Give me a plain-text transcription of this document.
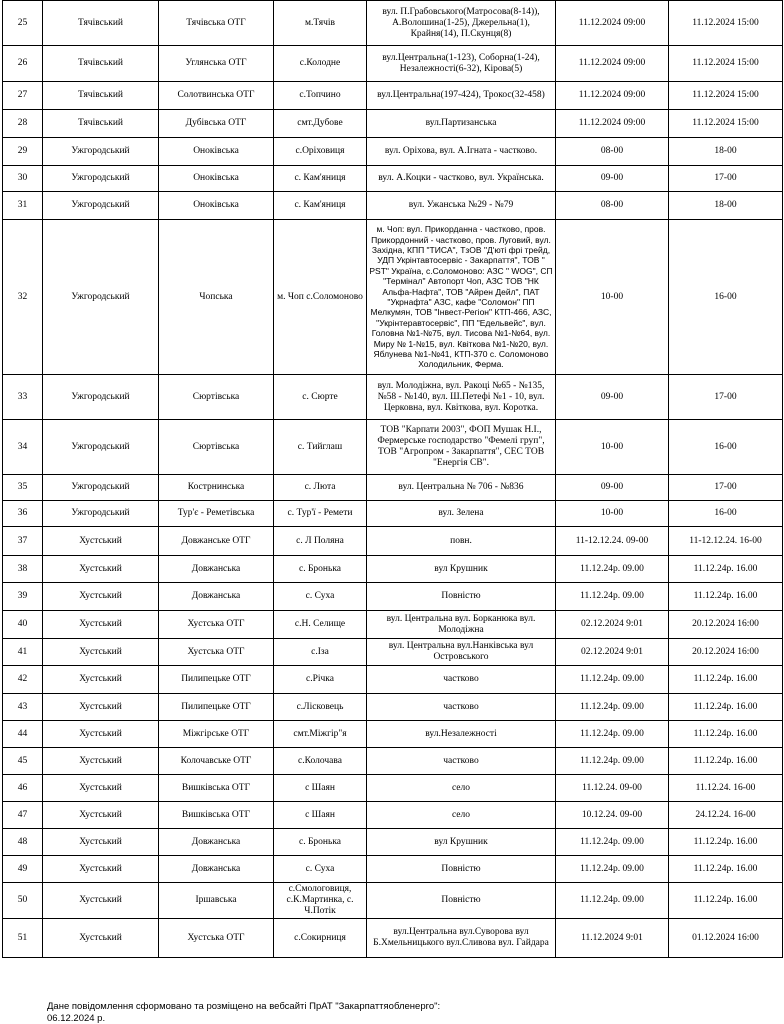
25	Тячівський	Тячівська ОТГ	м.Тячів	вул. П.Грабовського(Матросова(8-14)), А.Волошина(1-25), Джерельна(1), Крайня(14), П.Скунця(8)	11.12.2024 09:00	11.12.2024 15:00
26	Тячівський	Углянська ОТГ	с.Колодне	вул.Центральна(1-123), Соборна(1-24), Незалежності(6-32), Кірова(5)	11.12.2024 09:00	11.12.2024 15:00
27	Тячівський	Солотвинська ОТГ	с.Топчино	вул.Центральна(197-424), Трокос(32-458)	11.12.2024 09:00	11.12.2024 15:00
28	Тячівський	Дубівська ОТГ	смт.Дубове	вул.Партизанська	11.12.2024 09:00	11.12.2024 15:00
29	Ужгородський	Оноківська	с.Оріховиця	вул. Оріхова, вул. А.Ігната - частково.	08-00	18-00
30	Ужгородський	Оноківська	с. Кам'яниця	вул. А.Коцки - частково, вул. Українська.	09-00	17-00
31	Ужгородський	Оноківська	с. Кам'яниця	вул. Ужанська №29 - №79	08-00	18-00
32	Ужгородський	Чопська	м. Чоп с.Соломоново	м. Чоп: вул. Прикорданна - частково, пров. Прикордонний - частково, пров. Луговий, вул. Західна, КПП "ТИСА", ТзОВ "Д'юті фрі трейд, УДП Укрінтавтосервіс - Закарпаття", ТОВ " PST" Україна, с.Соломоново: АЗС " WOG", СП "Термінал" Автопорт Чоп, АЗС ТОВ "НК Альфа-Нафта", ТОВ "Айрен Дейл", ПАТ "Укрнафта" АЗС, кафе "Соломон" ПП Мелкумян, ТОВ "Інвест-Регіон" КТП-466, АЗС, "Укрінтеравтосервіс", ПП "Едельвейс", вул. Головна №1-№75, вул. Тисова №1-№64, вул. Миру № 1-№15, вул. Квіткова №1-№20, вул. Яблунева №1-№41, КТП-370 с. Соломоново Холодильник, Ферма.	10-00	16-00
33	Ужгородський	Сюртівська	с. Сюрте	вул. Молодіжна, вул. Ракоці №65 - №135, №58 - №140, вул. Ш.Петефі №1 - 10, вул. Церковна, вул. Квіткова, вул. Коротка.	09-00	17-00
34	Ужгородський	Сюртівська	с. Тийглаш	ТОВ "Карпати 2003", ФОП Мушак Н.І., Фермерське господарство "Фемелі груп", ТОВ "Агропром - Закарпаття", СЕС ТОВ "Енергія СВ".	10-00	16-00
35	Ужгородський	Кострнинська	с. Люта	вул. Центральна № 706 - №836	09-00	17-00
36	Ужгородський	Тур'є - Реметівська	с. Тур'ї - Ремети	вул. Зелена	10-00	16-00
37	Хустський	Довжанське ОТГ	с. Л Поляна	повн.	11-12.12.24. 09-00	11-12.12.24. 16-00
38	Хустський	Довжанська	с. Бронька	вул Крушник	11.12.24р. 09.00	11.12.24р. 16.00
39	Хустський	Довжанська	с. Суха	Повністю	11.12.24р. 09.00	11.12.24р. 16.00
40	Хустський	Хустська ОТГ	с.Н. Селище	вул. Центральна вул. Борканюка вул. Молодіжна	02.12.2024 9:01	20.12.2024 16:00
41	Хустський	Хустська ОТГ	с.Іза	вул. Центральна вул.Нанківська вул Островського	02.12.2024 9:01	20.12.2024 16:00
42	Хустський	Пилипецьке ОТГ	с.Річка	частково	11.12.24р. 09.00	11.12.24р. 16.00
43	Хустський	Пилипецьке ОТГ	с.Лісковець	частково	11.12.24р. 09.00	11.12.24р. 16.00
44	Хустський	Міжгірське ОТГ	смт.Міжгір"я	вул.Незалежності	11.12.24р. 09.00	11.12.24р. 16.00
45	Хустський	Колочавське ОТГ	с.Колочава	частково	11.12.24р. 09.00	11.12.24р. 16.00
46	Хустський	Вишківська ОТГ	с Шаян	село	11.12.24. 09-00	11.12.24. 16-00
47	Хустський	Вишківська ОТГ	с Шаян	село	10.12.24. 09-00	24.12.24. 16-00
48	Хустський	Довжанська	с. Бронька	вул Крушник	11.12.24р. 09.00	11.12.24р. 16.00
49	Хустський	Довжанська	с. Суха	Повністю	11.12.24р. 09.00	11.12.24р. 16.00
50	Хустський	Іршавська	с.Смологовиця, с.К.Мартинка, с. Ч.Потік	Повністю	11.12.24р. 09.00	11.12.24р. 16.00
51	Хустський	Хустська ОТГ	с.Сокирниця	вул.Центральна вул.Суворова вул Б.Хмельницького вул.Сливова вул. Гайдара	11.12.2024 9:01	01.12.2024 16:00
Дане повідомлення сформовано та розміщено на вебсайті ПрАТ "Закарпаттяобленерго":
06.12.2024 р.
